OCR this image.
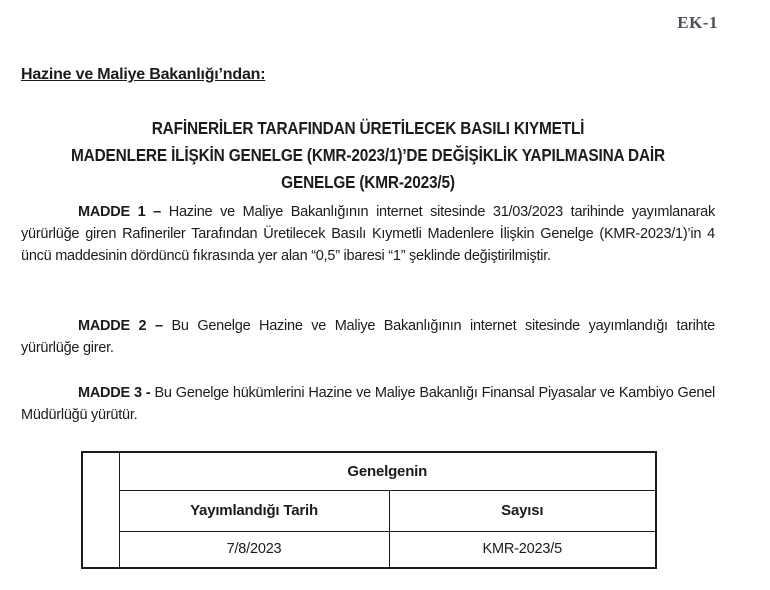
EK-1
Hazine ve Maliye Bakanlığı’ndan:
RAFİNERİLER TARAFINDAN ÜRETİLECEK BASILI KIYMETLİ
MADENLERE İLİŞKİN GENELGE (KMR-2023/1)’DE DEĞİŞİKLİK YAPILMASINA DAİR
GENELGE (KMR-2023/5)

MADDE 1 – Hazine ve Maliye Bakanlığının internet sitesinde 31/03/2023 tarihinde yayımlanarak yürürlüğe giren Rafineriler Tarafından Üretilecek Basılı Kıymetli Madenlere İlişkin Genelge (KMR-2023/1)’in 4 üncü maddesinin dördüncü fıkrasında yer alan “0,5” ibaresi “1” şeklinde değiştirilmiştir.

MADDE 2 – Bu Genelge Hazine ve Maliye Bakanlığının internet sitesinde yayımlandığı tarihte yürürlüğe girer.

MADDE 3 - Bu Genelge hükümlerini Hazine ve Maliye Bakanlığı Finansal Piyasalar ve Kambiyo Genel Müdürlüğü yürütür.

	Genelgenin	
	Yayımlandığı Tarih	Sayısı
	7/8/2023	KMR-2023/5
